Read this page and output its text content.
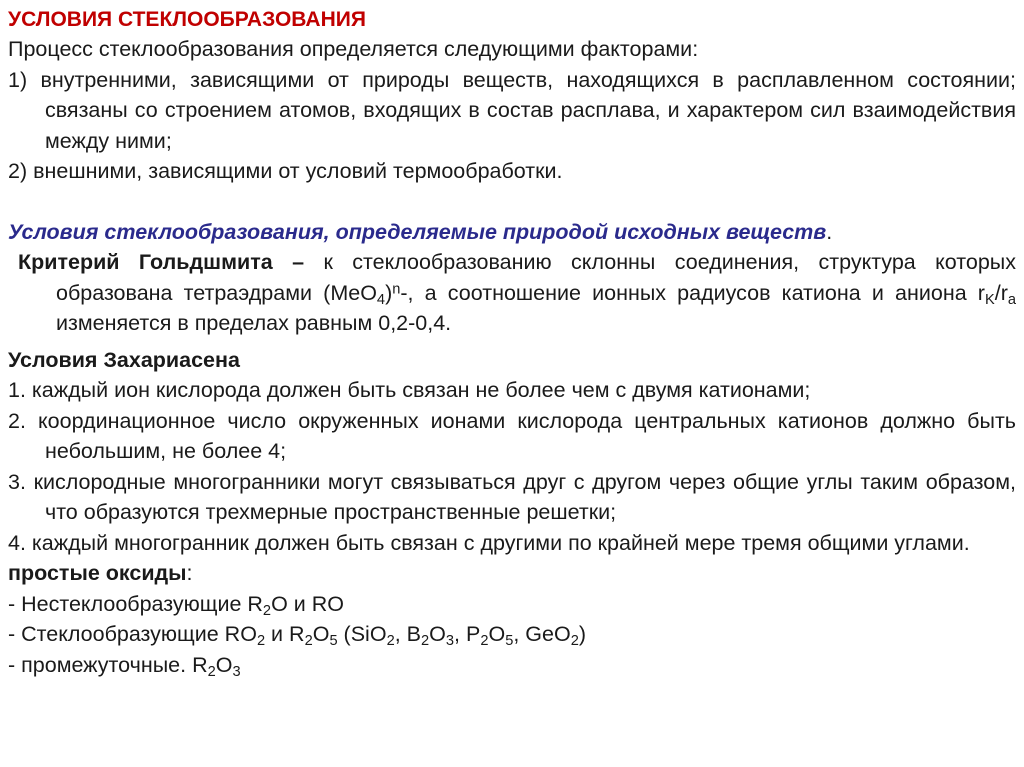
УСЛОВИЯ СТЕКЛООБРАЗОВАНИЯ

Процесс стеклообразования определяется следующими факторами:

1) внутренними, зависящими от природы веществ, находящихся в расплавленном состоянии; связаны со строением атомов, входящих в состав расплава, и характером сил взаимодействия между ними;

2) внешними, зависящими от условий термообработки.

Условия стеклообразования, определяемые природой исходных веществ.

Критерий Гольдшмита – к стеклообразованию склонны соединения, структура которых образована тетраэдрами $(MeO_4)^n-$, а соотношение ионных радиусов катиона и аниона $r_K/r_a$ изменяется в пределах равным 0,2-0,4.

Условия Захариасена

1. каждый ион кислорода должен быть связан не более чем с двумя катионами;

2. координационное число окруженных ионами кислорода центральных катионов должно быть небольшим, не более 4;

3. кислородные многогранники могут связываться друг с другом через общие углы таким образом, что образуются трехмерные пространственные решетки;

4. каждый многогранник должен быть связан с другими по крайней мере тремя общими углами.

простые оксиды:

- Нестеклообразующие $R_2O$ и RO

- Стеклообразующие $RO_2$ и $R_2O_5$ (SiO$_2$, $B_2O_3$, $P_2O_5$, GeO$_2$)

- промежуточные. $R_2O_3$
